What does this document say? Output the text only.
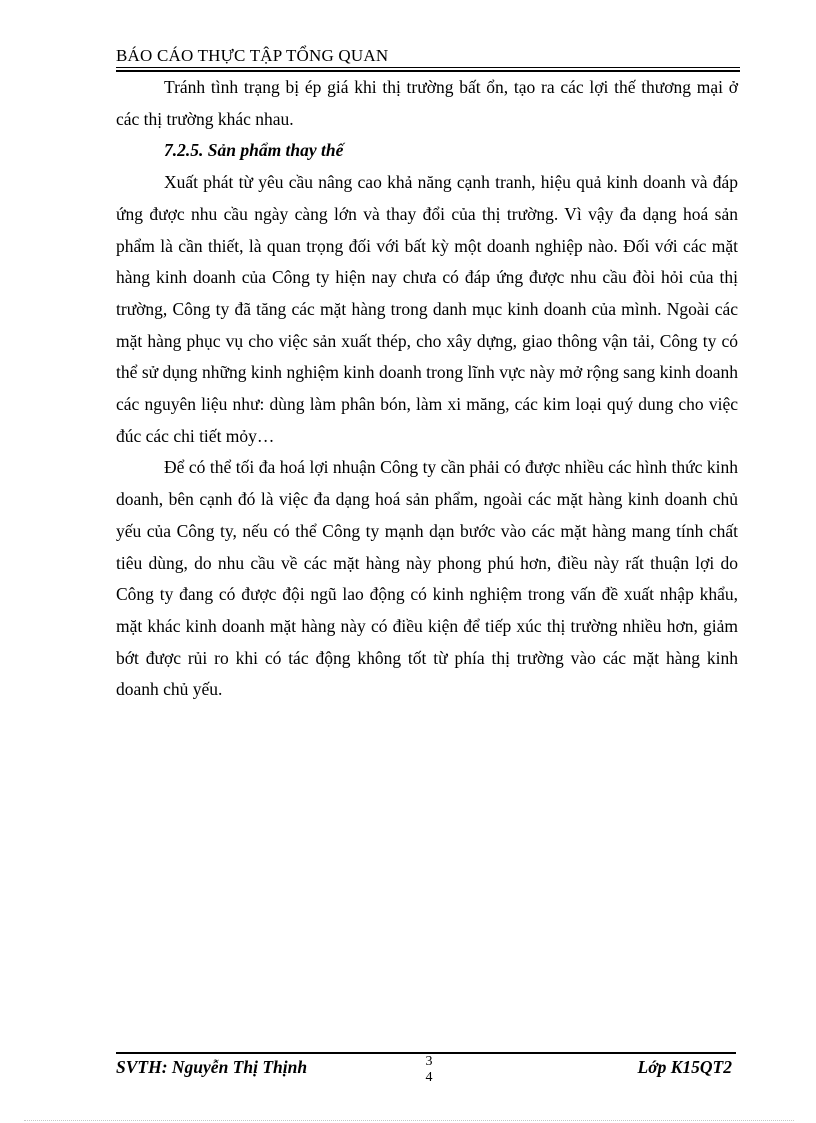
BÁO CÁO THỰC TẬP TỔNG QUAN

Tránh tình trạng bị ép giá khi thị trường bất ổn, tạo ra các lợi thế thương mại ở các thị trường khác nhau.

7.2.5. Sản phẩm thay thế

Xuất phát từ yêu cầu nâng cao khả năng cạnh tranh, hiệu quả kinh doanh và đáp ứng được nhu cầu ngày càng lớn và thay đổi của thị trường. Vì vậy đa dạng hoá sản phẩm là cần thiết, là quan trọng đối với bất kỳ một doanh nghiệp nào. Đối với các mặt hàng kinh doanh của Công ty hiện nay chưa có đáp ứng được nhu cầu đòi hỏi của thị trường, Công ty đã tăng các mặt hàng trong danh mục kinh doanh của mình. Ngoài các mặt hàng phục vụ cho việc sản xuất thép, cho xây dựng, giao thông vận tải, Công ty có thể sử dụng những kinh nghiệm kinh doanh trong lĩnh vực này mở rộng sang kinh doanh các nguyên liệu như: dùng làm phân bón, làm xi măng, các kim loại quý dung cho việc đúc các chi tiết mỏy…

Để có thể tối đa hoá lợi nhuận Công ty cần phải có được nhiều các hình thức kinh doanh, bên cạnh đó là việc đa dạng hoá sản phẩm, ngoài các mặt hàng kinh doanh chủ yếu của Công ty, nếu có thể Công ty mạnh dạn bước vào các mặt hàng mang tính chất tiêu dùng, do nhu cầu về các mặt hàng này phong phú hơn, điều này rất thuận lợi do Công ty đang có được đội ngũ lao động có kinh nghiệm trong vấn đề xuất nhập khẩu, mặt khác kinh doanh mặt hàng này có điều kiện để tiếp xúc thị trường nhiều hơn, giảm bớt được rủi ro khi có tác động không tốt từ phía thị trường vào các mặt hàng kinh doanh chủ yếu.

SVTH: Nguyễn Thị Thịnh	3
4
Lớp K15QT2
